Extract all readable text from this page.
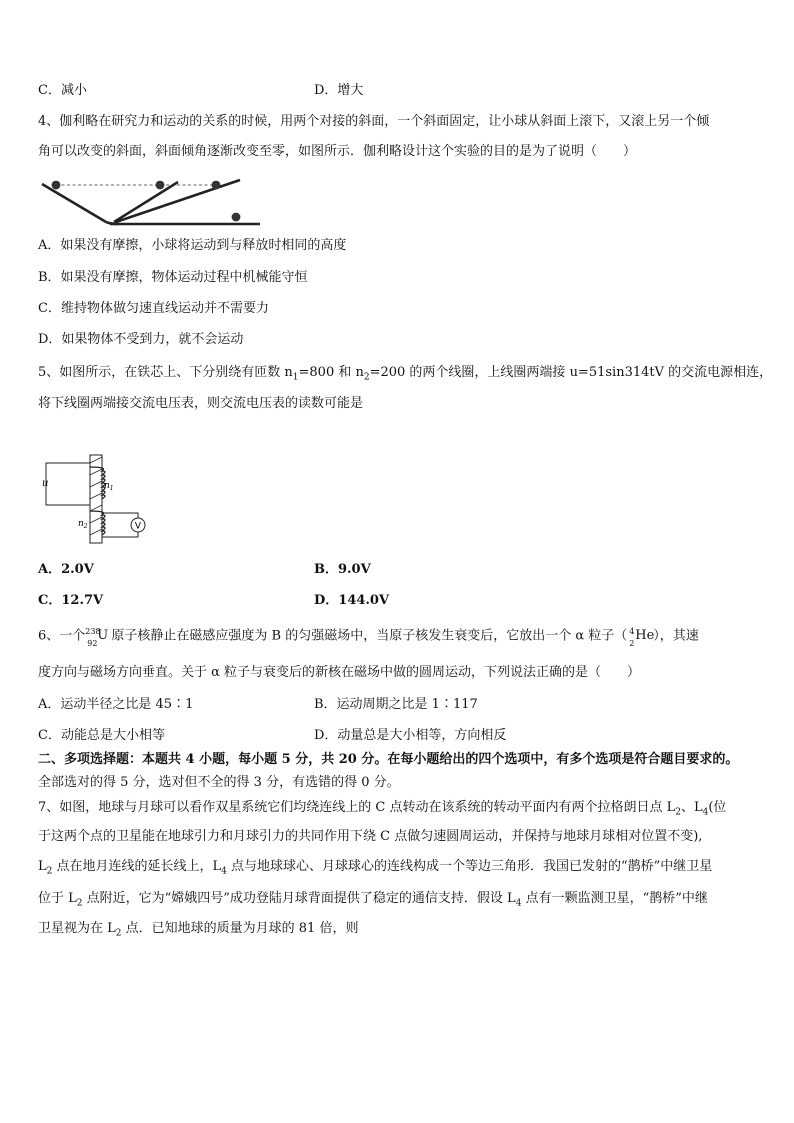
C．减小	D．增大
4、伽利略在研究力和运动的关系的时候，用两个对接的斜面，一个斜面固定，让小球从斜面上滚下，又滚上另一个倾
角可以改变的斜面，斜面倾角逐渐改变至零，如图所示．伽利略设计这个实验的目的是为了说明（　　）
A．如果没有摩擦，小球将运动到与释放时相同的高度
B．如果没有摩擦，物体运动过程中机械能守恒
C．维持物体做匀速直线运动并不需要力
D．如果物体不受到力，就不会运动
5、如图所示，在铁芯上、下分别绕有匝数 $n_1=800$ 和 $n_2=200$ 的两个线圈，上线圈两端接 u=51sin314tV 的交流电源相连，
将下线圈两端接交流电压表，则交流电压表的读数可能是
V
u	$n_1$
$n_2$
A．2.0V	B．9.0V
C．12.7V	D．144.0V
6、一个 238
92
U 原子核静止在磁感应强度为 B 的匀强磁场中，当原子核发生衰变后，它放出一个 α 粒子（ 4
2
He
），其速
度方向与磁场方向垂直。关于 α 粒子与衰变后的新核在磁场中做的圆周运动，下列说法正确的是（　　）
A．运动半径之比是 45∶1	B．运动周期之比是 1∶117
C．动能总是大小相等	D．动量总是大小相等，方向相反
二、多项选择题：本题共 4 小题，每小题 5 分，共 20 分。在每小题给出的四个选项中，有多个选项是符合题目要求的。
全部选对的得 5 分，选对但不全的得 3 分，有选错的得 0 分。
7、如图，地球与月球可以看作双星系统它们均绕连线上的 C 点转动在该系统的转动平面内有两个拉格朗日点 $L_2$、$L_4$(位
于这两个点的卫星能在地球引力和月球引力的共同作用下绕 C 点做匀速圆周运动，并保持与地球月球相对位置不变),
$L_2$ 点在地月连线的延长线上，$L_4$ 点与地球球心、月球球心的连线构成一个等边三角形．我国已发射的“鹊桥”中继卫星
位于 $L_2$ 点附近，它为“嫦娥四号”成功登陆月球背面提供了稳定的通信支持．假设 $L_4$ 点有一颗监测卫星，“鹊桥”中继
卫星视为在 $L_2$ 点．已知地球的质量为月球的 81 倍，则
